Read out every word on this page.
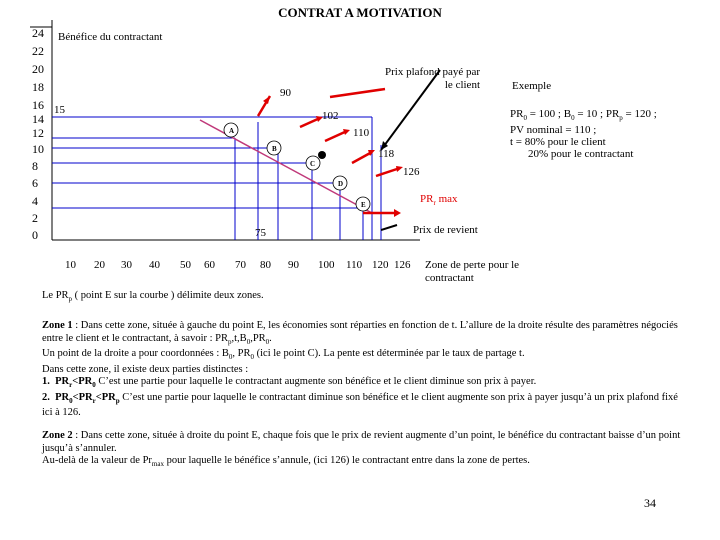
CONTRAT A MOTIVATION
24
22
20
18
16
14
12
10
8
6
4
2
0
10 20 30 40 50 60 70 80 90 100 110 120 126
Bénéfice du contractant
15
90
102
110
118
126
75
Prix plafond payé par le client
$PR_r$ max
Prix de revient
Zone de perte pour le contractant
A
B
C
D
E
Exemple
$PR_0 = 100$ ; $B_0 = 10$ ; $PR_p = 120$ ;
PV nominal = 110 ;
t = 80% pour le client
20% pour le contractant

Le $PR_p$ ( point E sur la courbe ) délimite deux zones.

Zone 1 : Dans cette zone, située à gauche du point E, les économies sont réparties en fonction de t. L’allure de la droite résulte des paramètres négociés entre le client et le contractant, à savoir : $PR_p,t,B_0,PR_0$.

Un point de la droite a pour coordonnées : $B_0$, $PR_0$ (ici le point C). La pente est déterminée par le taux de partage t.

Dans cette zone, il existe deux parties distinctes :

1.  $PR_r<PR_0$ C’est une partie pour laquelle le contractant augmente son bénéfice et le client diminue son prix à payer.

2.  $PR_0<PR_r<PR_p$ C’est une partie pour laquelle le contractant diminue son bénéfice et le client augmente son prix à payer jusqu’à un prix plafond fixé ici à 126.

Zone 2 : Dans cette zone, située à droite du point E, chaque fois que le prix de revient augmente d’un point, le bénéfice du contractant baisse d’un point jusqu’à s’annuler.

Au-delà de la valeur de $Pr_{max}$ pour laquelle le bénéfice s’annule, (ici 126) le contractant entre dans la zone de pertes.

34
